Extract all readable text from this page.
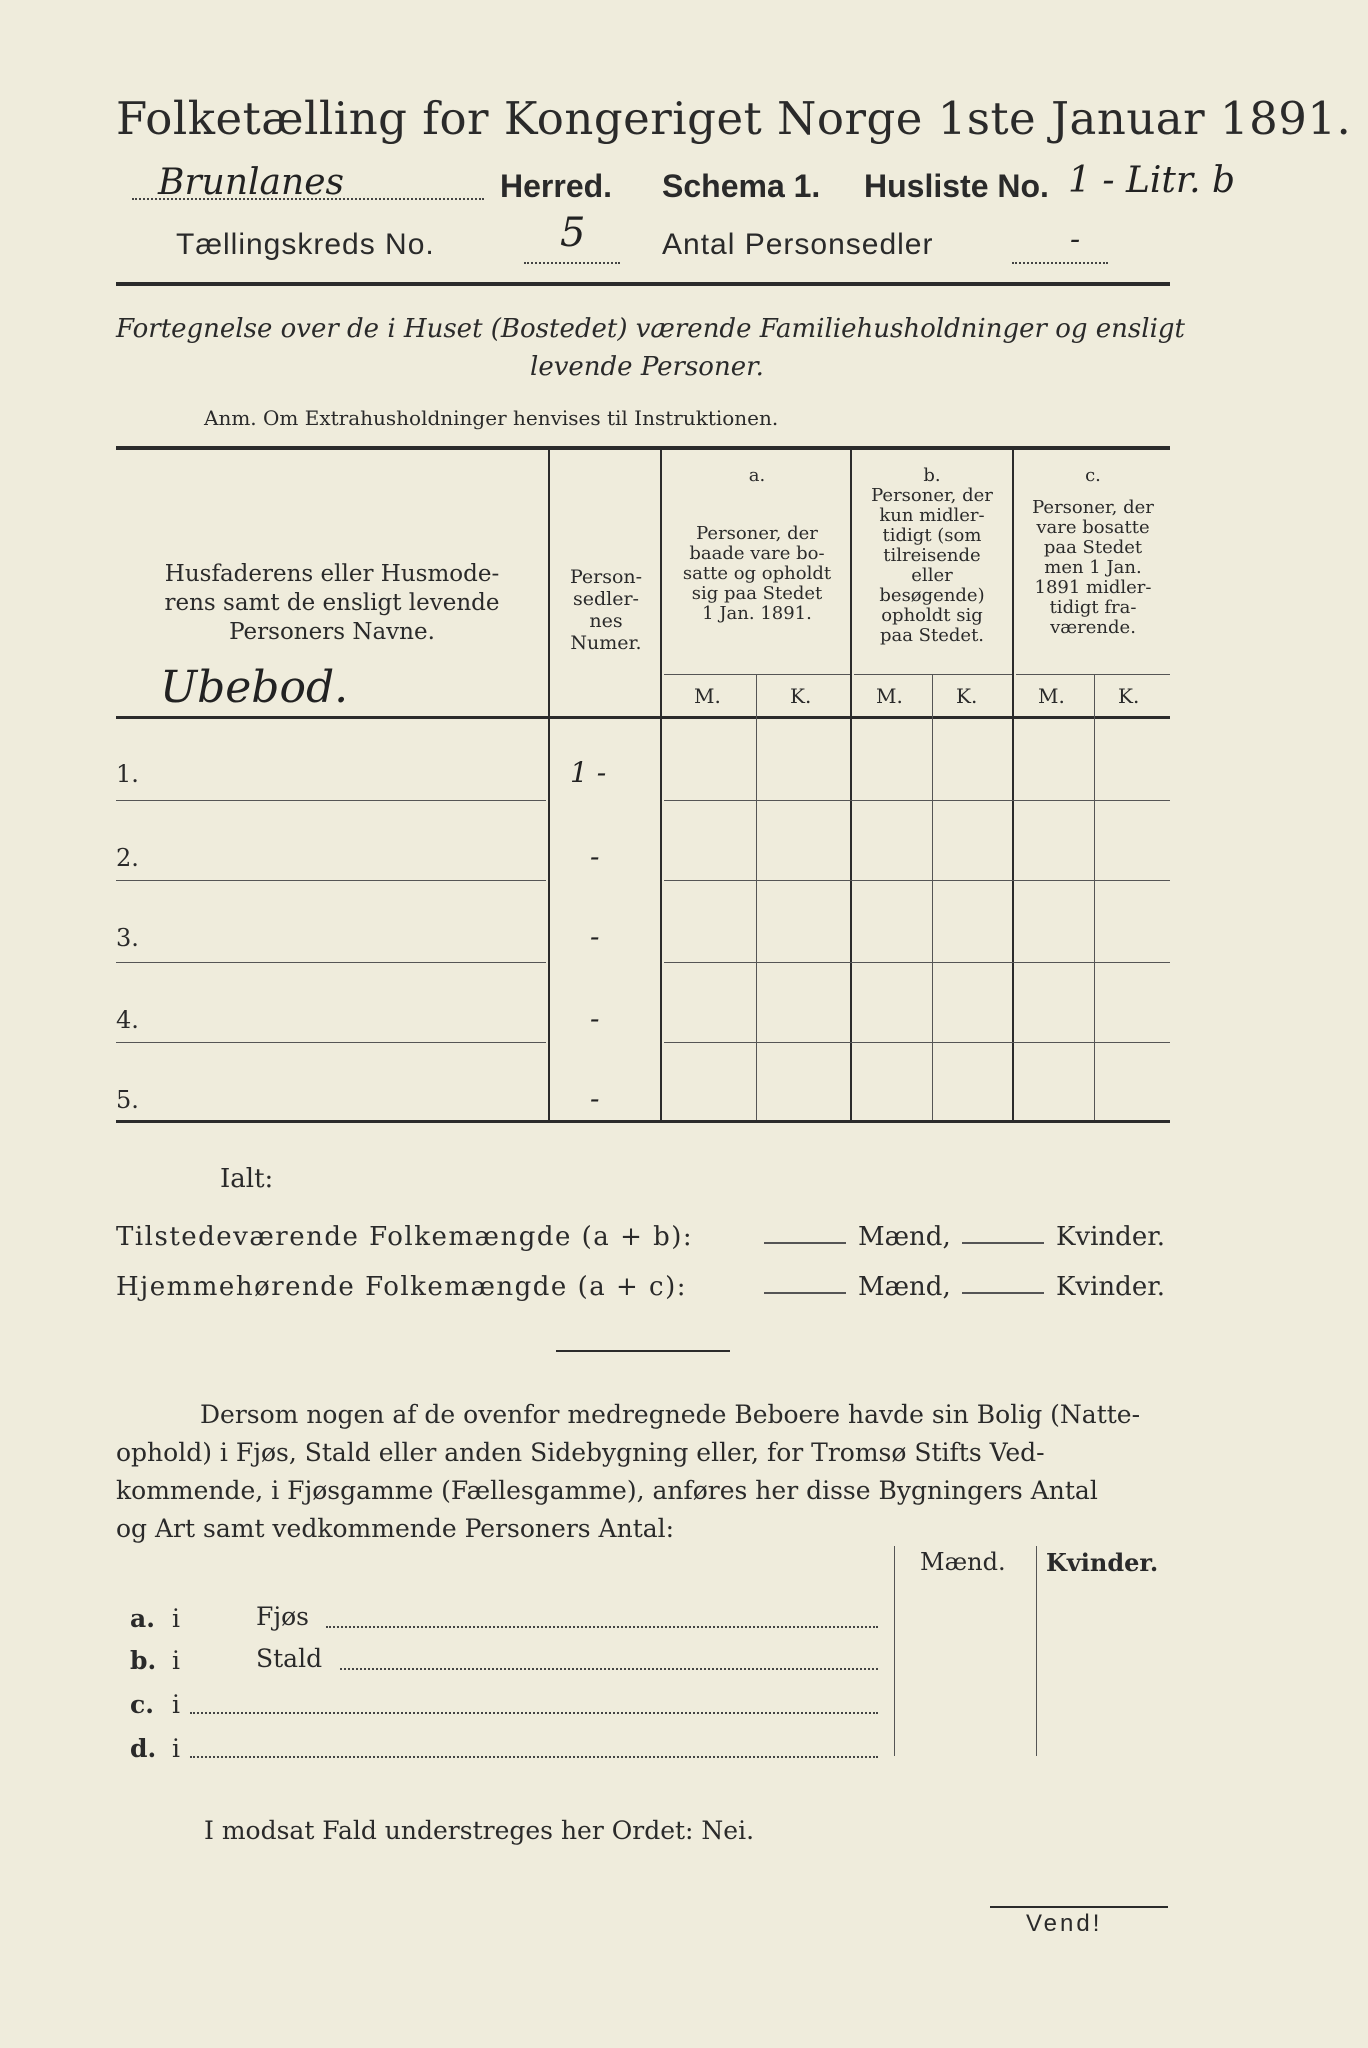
Folketælling for Kongeriget Norge 1ste Januar 1891.
Brunlanes	Herred. Schema 1. Husliste No. 1 - Litr. b
Tællingskreds No.	5	Antal Personsedler	-
Fortegnelse over de i Huset (Bostedet) værende Familiehusholdninger og ensligt
levende Personer.
Anm. Om Extrahusholdninger henvises til Instruktionen.
Husfaderens eller Husmode-
rens samt de ensligt levende
Personers Navne.
Person-
sedler-
nes
Numer.
a.
Personer, der
baade vare bo-
satte og opholdt
sig paa Stedet
1 Jan. 1891.
b.
Personer, der
kun midler-
tidigt (som
tilreisende
eller
besøgende)
opholdt sig
paa Stedet.
c.
Personer, der
vare bosatte
paa Stedet
men 1 Jan.
1891 midler-
tidigt fra-
værende.
M.	K.	M.	K.	M.	K.
Ubebod.
1.	1 -
2.	-
3.	-
4.	-
5.	-
Ialt:
Tilstedeværende Folkemængde (a + b):	Mænd,	Kvinder.
Hjemmehørende Folkemængde (a + c):	Mænd,	Kvinder.
Dersom nogen af de ovenfor medregnede Beboere havde sin Bolig (Natte-
ophold) i Fjøs, Stald eller anden Sidebygning eller, for Tromsø Stifts Ved-
kommende, i Fjøsgamme (Fællesgamme), anføres her disse Bygningers Antal
og Art samt vedkommende Personers Antal:
Mænd. Kvinder.
a. i	Fjøs
b. i	Stald
c. i
d. i
I modsat Fald understreges her Ordet: Nei.
Vend!
